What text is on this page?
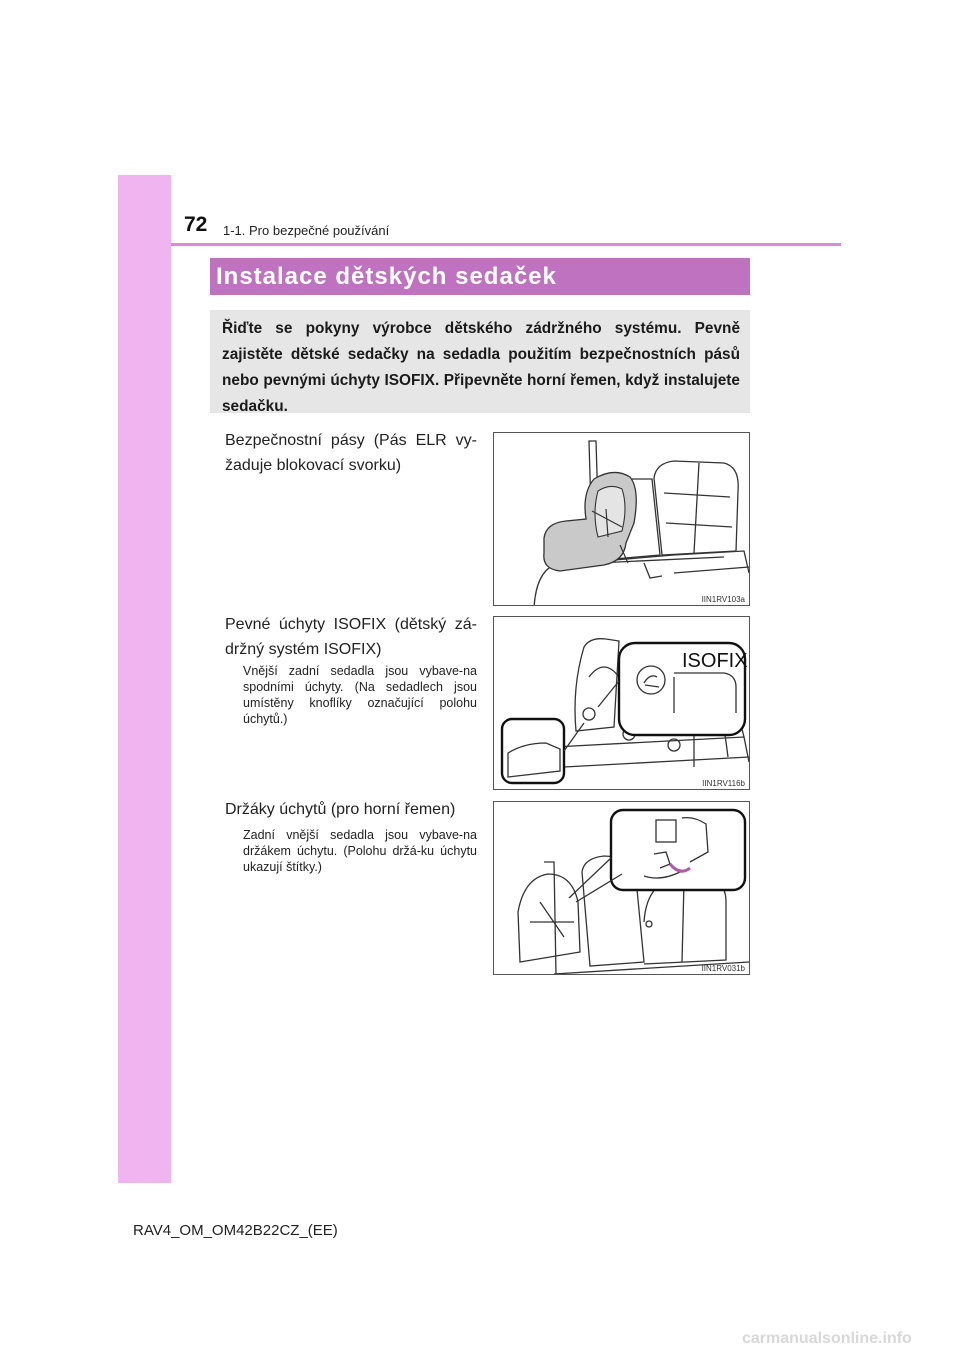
72 1-1. Pro bezpečné používání
Instalace dětských sedaček
Řiďte se pokyny výrobce dětského zádržného systému. Pevně zajistěte dětské sedačky na sedadla použitím bezpečnostních pásů nebo pevnými úchyty ISOFIX. Připevněte horní řemen, když instalujete sedačku.
Bezpečnostní pásy (Pás ELR vy-žaduje blokovací svorku)
IIN1RV103a
Pevné úchyty ISOFIX (dětský zá-držný systém ISOFIX)
Vnější zadní sedadla jsou vybave-na spodními úchyty. (Na sedadlech jsou umístěny knoflíky označující polohu úchytů.)
ISOFIX
IIN1RV116b
Držáky úchytů (pro horní řemen)
Zadní vnější sedadla jsou vybave-na držákem úchytu. (Polohu držá-ku úchytu ukazují štítky.)
IIN1RV031b
RAV4_OM_OM42B22CZ_(EE)
carmanualsonline.info
